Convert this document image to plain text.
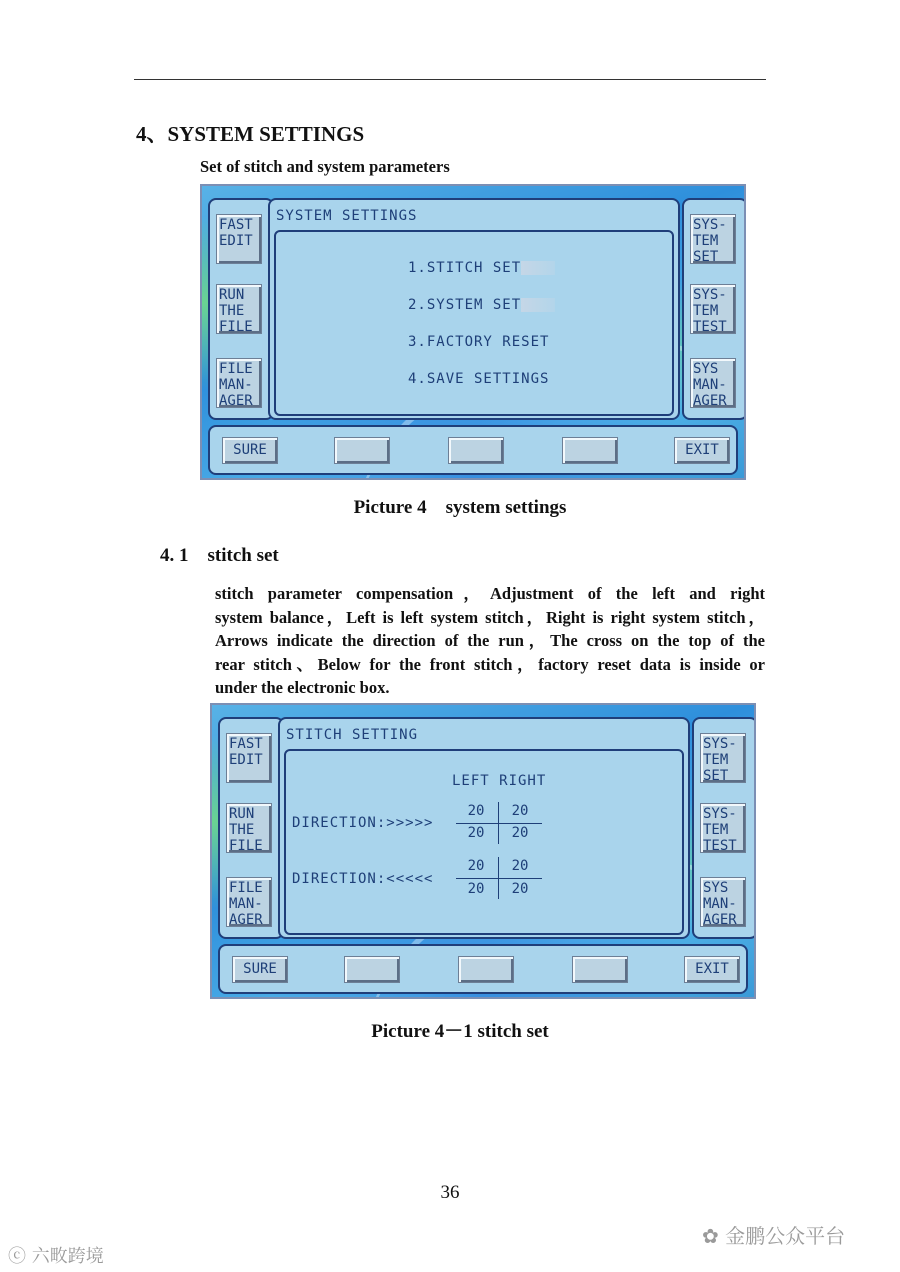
4、SYSTEM SETTINGS
Set of stitch and system parameters
FAST
EDIT
RUN
THE
FILE
FILE
MAN-
AGER
SYSTEM SETTINGS
1.STITCH SET
2.SYSTEM SET
3.FACTORY RESET
4.SAVE SETTINGS
SYS-
TEM
SET
SYS-
TEM
TEST
SYS
MAN-
AGER
SURE	EXIT
Picture 4    system settings
4. 1    stitch set
stitch parameter compensation，Adjustment of the left and right
system balance，Left is left system stitch，Right is right system stitch，
Arrows indicate the direction of the run，The cross on the top of the
rear stitch、Below for the front stitch，factory reset data is inside or
under the electronic box.
FAST
EDIT
RUN
THE
FILE
FILE
MAN-
AGER
STITCH SETTING
LEFT RIGHT
DIRECTION:>>>>>
20	20
20	20
DIRECTION:<<<<<
20	20
20	20
SYS-
TEM
SET
SYS-
TEM
TEST
SYS
MAN-
AGER
SURE	EXIT
Picture 4－1 stitch set
36
ⓒ 六畋跨境
✿ 金鹏公众平台
